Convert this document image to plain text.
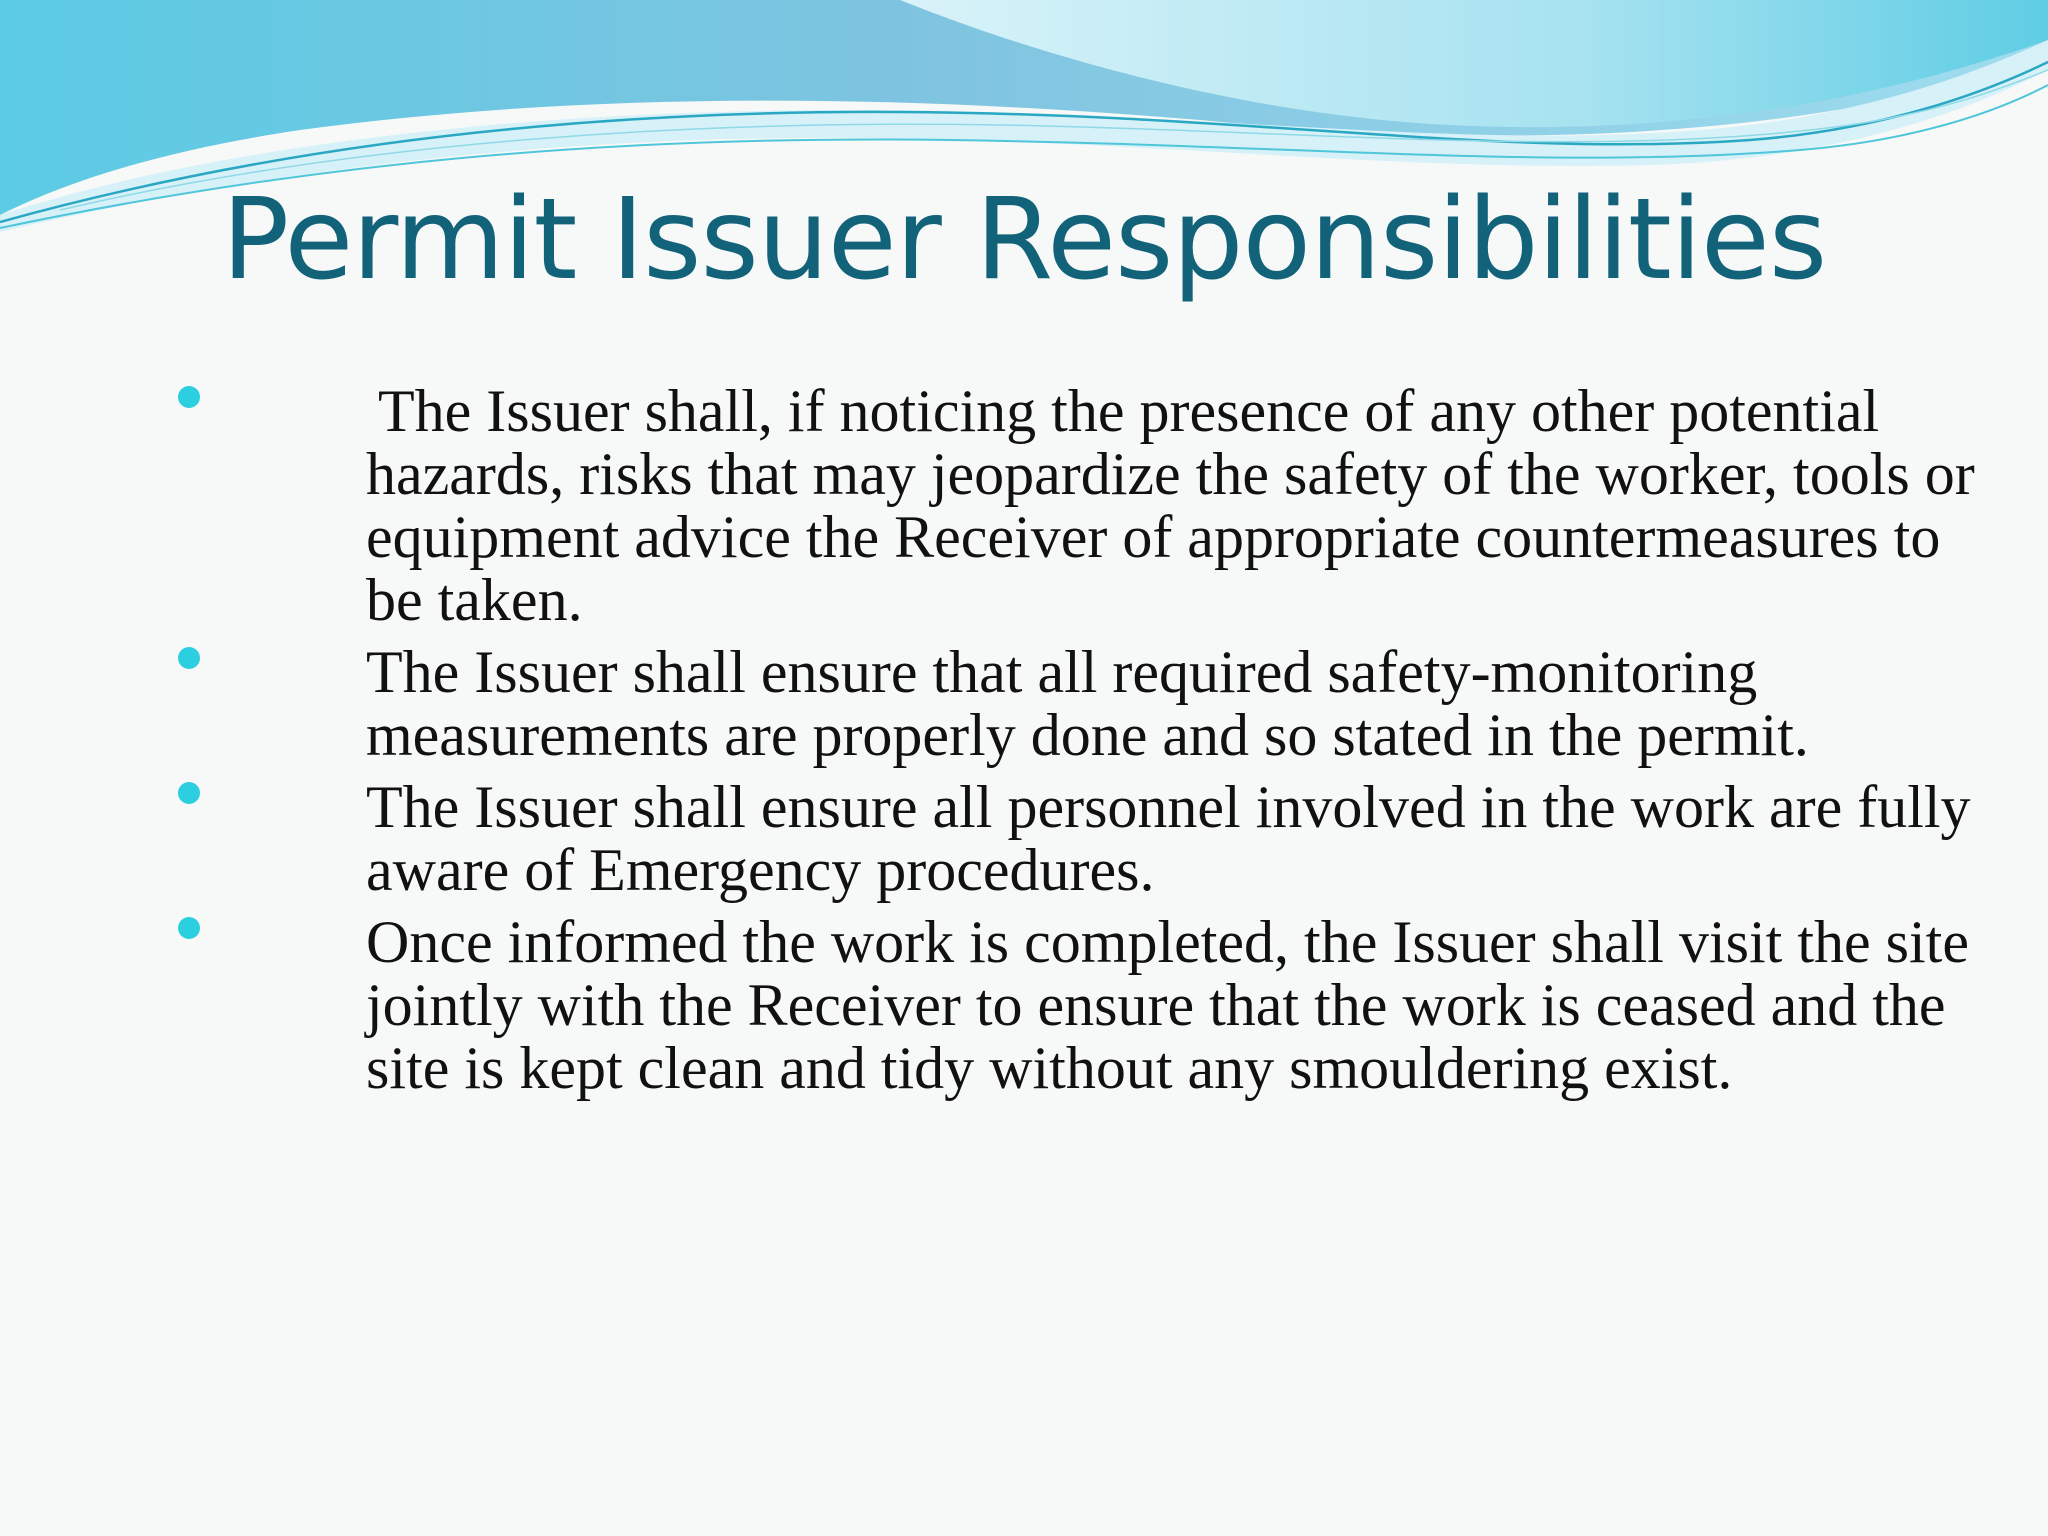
Permit Issuer Responsibilities
The Issuer shall, if noticing the presence of any other potential hazards, risks that may jeopardize the safety of the worker, tools or equipment advice the Receiver of appropriate countermeasures to be taken.
The Issuer shall ensure that all required safety-monitoring measurements are properly done and so stated in the permit.
The Issuer shall ensure all personnel involved in the work are fully aware of Emergency procedures.
Once informed the work is completed, the Issuer shall visit the site jointly with the Receiver to ensure that the work is ceased and the site is kept clean and tidy without any smouldering exist.
